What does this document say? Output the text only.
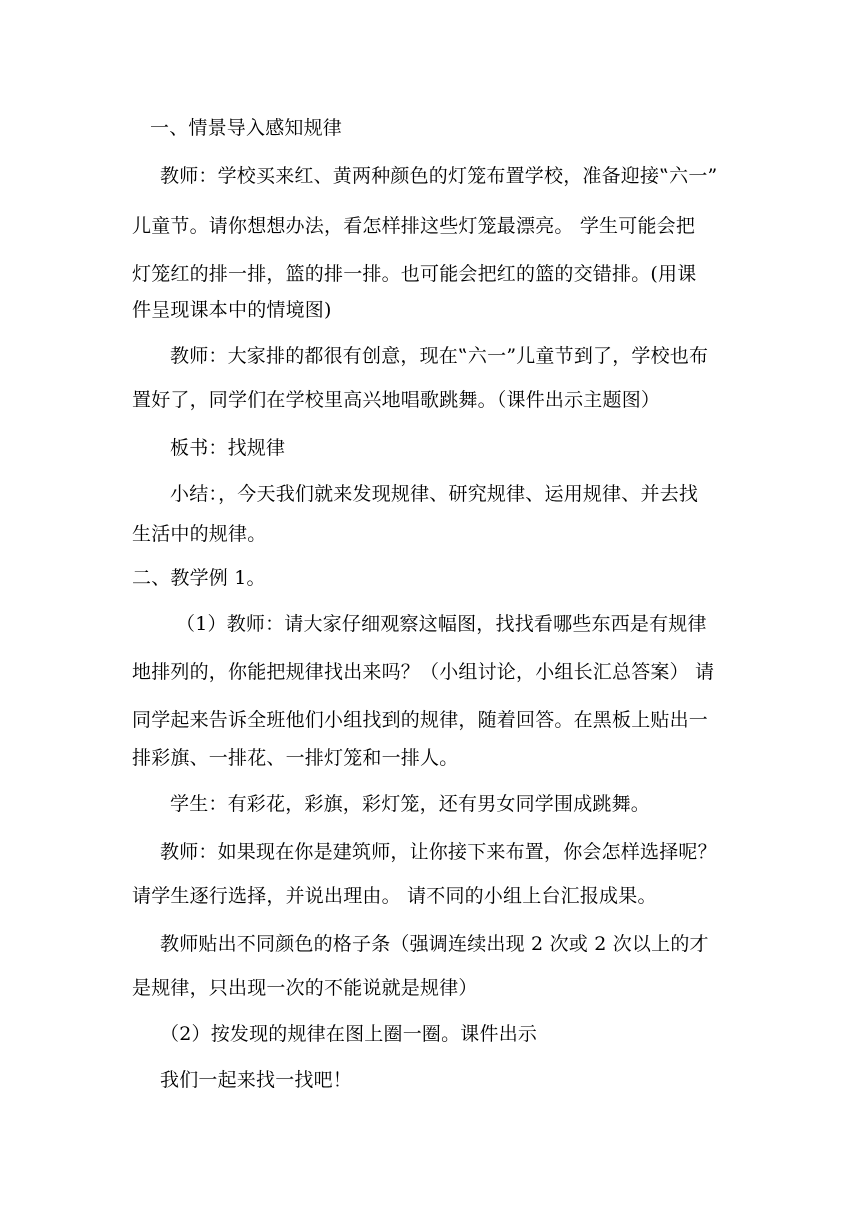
一、情景导入感知规律
教师：学校买来红、黄两种颜色的灯笼布置学校，准备迎接‟六一”
儿童节。请你想想办法，看怎样排这些灯笼最漂亮。 学生可能会把
灯笼红的排一排，篮的排一排。也可能会把红的篮的交错排。(用课
件呈现课本中的情境图)
教师：大家排的都很有创意，现在‟六一”儿童节到了，学校也布
置好了，同学们在学校里高兴地唱歌跳舞。（课件出示主题图）
板书：找规律
小结：，今天我们就来发现规律、研究规律、运用规律、并去找
生活中的规律。
二、教学例 1。
（1）教师：请大家仔细观察这幅图，找找看哪些东西是有规律
地排列的，你能把规律找出来吗？（小组讨论，小组长汇总答案） 请
同学起来告诉全班他们小组找到的规律，随着回答。在黑板上贴出一
排彩旗、一排花、一排灯笼和一排人。
学生：有彩花，彩旗，彩灯笼，还有男女同学围成跳舞。
教师：如果现在你是建筑师，让你接下来布置，你会怎样选择呢？
请学生逐行选择，并说出理由。 请不同的小组上台汇报成果。
教师贴出不同颜色的格子条（强调连续出现 2 次或 2 次以上的才
是规律，只出现一次的不能说就是规律）
（2）按发现的规律在图上圈一圈。课件出示
我们一起来找一找吧！
